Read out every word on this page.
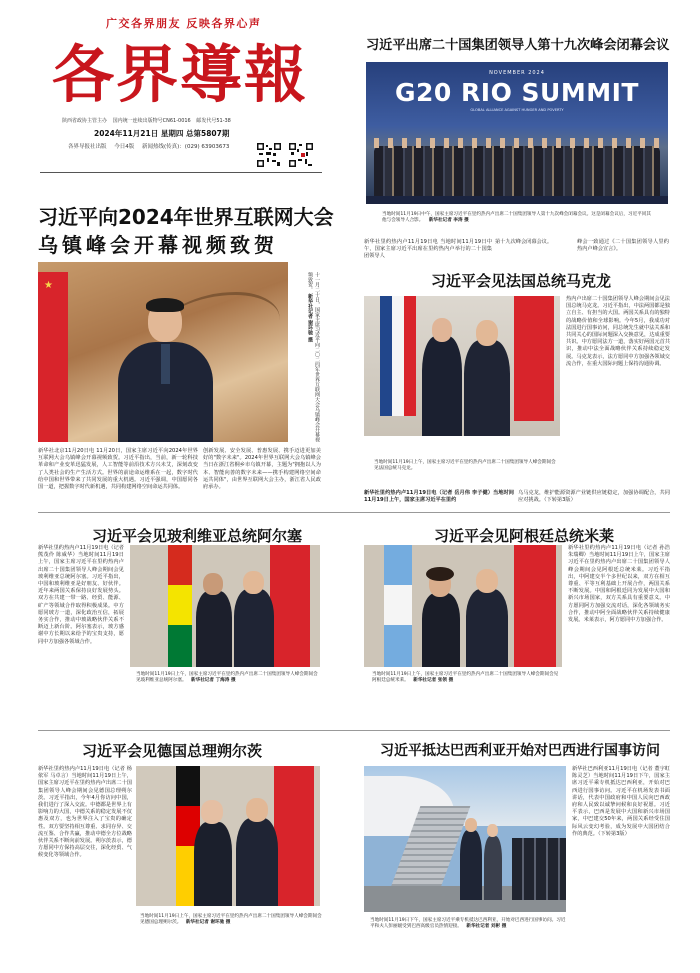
广交各界朋友 反映各界心声
各界導報
陕西省政协主管主办 国内统一连续出版物号CN61-0016 邮发代号51-38
2024年11月21日 星期四 总第5807期
各界导报社出版 今日4版 新闻热线(传真)：(029) 63903673
习近平出席二十国集团领导人第十九次峰会闭幕会议
NOVEMBER 2024
G20 RIO SUMMIT
GLOBAL ALLIANCE AGAINST HUNGER AND POVERTY
当地时间11月19日中午，国家主席习近平在里约热内卢出席二十国集团领导人第十九次峰会闭幕会议。这是闭幕会议后，习近平同其他与会领导人合影。 新华社记者 李涛 摄
新华社里约热内卢11月19日电 当地时间11月19日中午，国家主席习近平出席在里约热内卢举行的二十国集团领导人
第十九次峰会闭幕会议。	峰会一致通过《二十国集团领导人里约热内卢峰会宣言》。
习近平向2024年世界互联网大会
乌镇峰会开幕视频致贺
★	十一月二十日，国家主席习近平向二〇二四年世界互联网大会乌镇峰会开幕视频致贺。 新华社记者 谢环驰 摄
新华社北京11月20日电 11月20日，国家主席习近平向2024年世界互联网大会乌镇峰会开幕视频致贺。习近平指出，当前，新一轮科技革命和产业变革迅猛发展，人工智能等前沿技术方兴未艾，深刻改变了人类社会的生产生活方式。世界的前途命运维系在一起，数字时代给中国和世界带来了共同发展的重大机遇。习近平强调，中国愿同各国一道，把握数字时代新机遇，共同构建网络空间命运共同体。
创新发展、安全发展、普惠发展、携手迈进更加美好的"数字未来"。2024年世界互联网大会乌镇峰会当日在浙江省桐乡市乌镇开幕，主题为"拥抱以人为本、智能向善的数字未来——携手构建网络空间命运共同体"，由世界互联网大会主办，浙江省人民政府承办。
习近平会见法国总统马克龙
当地时间11月19日上午，国家主席习近平在里约热内卢出席二十国集团领导人峰会期间会见法国总统马克龙。
热内卢出席二十国集团领导人峰会期间会见法国总统马克龙。习近平指出，中法两国都是独立自主、有担当的大国。两国关系具有的独特的战略价值和全球影响。今年5月，我成功对法国进行国事访问，同总统先生就中法关系和共同关心的国际问题深入交换意见，达成重要共识。中方愿同法方一道，落实好两国元首共识，推动中法全面战略伙伴关系持续稳定发展。马克龙表示，法方愿同中方加强各领域交流合作，在重大国际问题上保持沟通协调。
新华社里约热内卢11月19日电（记者 岳月伟 李子健）当地时间11月19日上午，国家主席习近平在里约
乌马克龙，维护能源资源产业链供应链稳定，加强协调配合，共同应对挑战。（下转第3版）
习近平会见玻利维亚总统阿尔塞
新华社里约热内卢11月19日电（记者 熊茂伶 陈威华）当地时间11月19日上午，国家主席习近平在里约热内卢出席二十国集团领导人峰会期间会见玻利维亚总统阿尔塞。习近平指出，中国和玻利维亚是好朋友、好伙伴。近年来两国关系保持良好发展势头。双方在共建一带一路、经贸、能源、矿产等领域合作取得积极成果。中方愿同玻方一道，深化政治互信，拓展务实合作，推动中玻战略伙伴关系不断迈上新台阶。阿尔塞表示，玻方感谢中方长期以来给予的宝贵支持，愿同中方加强各领域合作。
当地时间11月19日上午，国家主席习近平在里约热内卢出席二十国集团领导人峰会期间会见玻利维亚总统阿尔塞。 新华社记者 丁海涛 摄
习近平会见阿根廷总统米莱
当地时间11月19日上午，国家主席习近平在里约热内卢出席二十国集团领导人峰会期间会见阿根廷总统米莱。 新华社记者 张领 摄
新华社里约热内卢11月19日电（记者 孙浩 朱瑞卿）当地时间11月19日上午，国家主席习近平在里约热内卢出席二十国集团领导人峰会期间会见阿根廷总统米莱。习近平指出，中阿建交半个多世纪以来，双方在相互尊重、平等互利基础上开展合作，两国关系不断发展。中国和阿根廷同为发展中大国和新兴市场国家，双方关系具有重要意义。中方愿同阿方加强交流对话，深化各领域务实合作，推动中阿全面战略伙伴关系持续健康发展。米莱表示，阿方愿同中方加强合作。
习近平会见德国总理朔尔茨
新华社里约热内卢11月19日电（记者 杨依军 马卓言）当地时间11月19日上午，国家主席习近平在里约热内卢出席二十国集团领导人峰会期间会见德国总理朔尔茨。习近平指出，今年4月你访问中国，我们进行了深入交流。中德都是世界上有影响力的大国，中德关系的稳定发展不仅惠及双方，也为世界注入了宝贵的确定性。双方要坚持相互尊重、求同存异、交流互鉴、合作共赢，推动中德全方位战略伙伴关系不断向前发展。朔尔茨表示，德方愿同中方保持高层交往，深化经贸、气候变化等领域合作。
当地时间11月19日上午，国家主席习近平在里约热内卢出席二十国集团领导人峰会期间会见德国总理朔尔茨。 新华社记者 谢环驰 摄
习近平抵达巴西利亚开始对巴西进行国事访问
当地时间11月19日下午，国家主席习近平乘专机抵达巴西利亚，开始对巴西进行国事访问。习近平和夫人彭丽媛受到巴西高级官员热情迎接。 新华社记者 刘彬 摄
新华社巴西利亚11月19日电（记者 董宇虹 陈灵芝）当地时间11月19日下午，国家主席习近平乘专机抵达巴西利亚，开始对巴西进行国事访问。习近平在机场发表书面讲话，代表中国政府和中国人民向巴西政府和人民致以诚挚问候和良好祝愿。习近平表示，巴西是发展中大国和新兴市场国家，中巴建交50年来，两国关系经受住国际风云变幻考验，成为发展中大国团结合作的典范。（下转第3版）
